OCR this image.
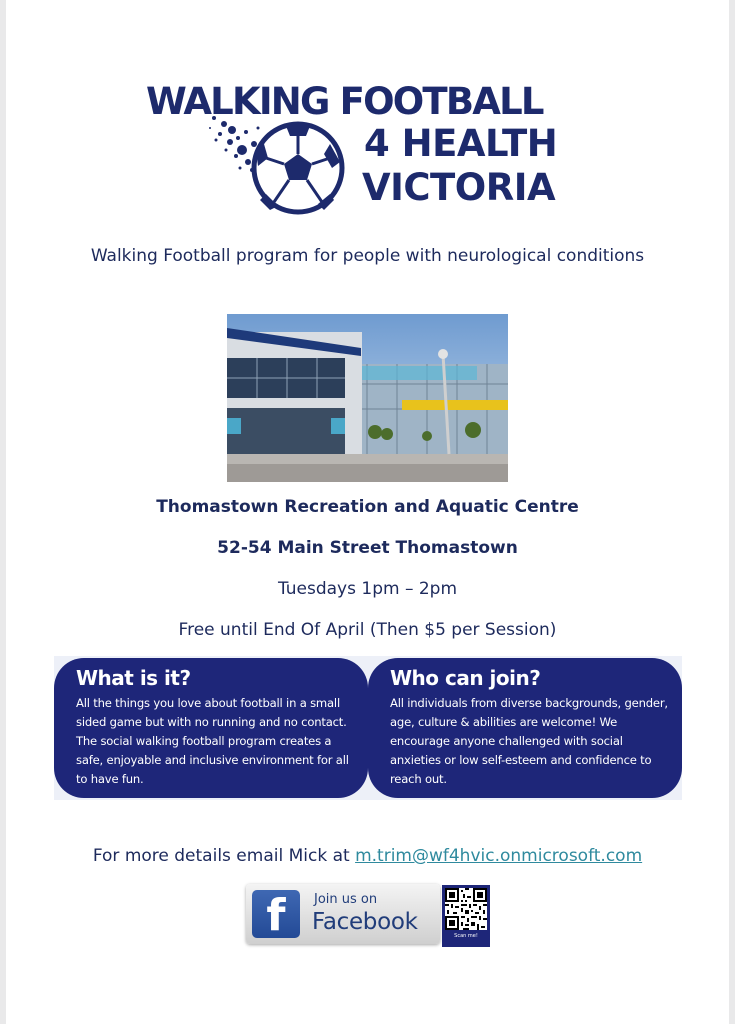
WALKING FOOTBALL
4 HEALTH
VICTORIA
Walking Football program for people with neurological conditions
Thomastown Recreation and Aquatic Centre
52-54 Main Street Thomastown
Tuesdays 1pm – 2pm
Free until End Of April (Then $5 per Session)
What is it?

All the things you love about football in a small sided game but with no running and no contact. The social walking football program creates a safe, enjoyable and inclusive environment for all to have fun.

Who can join?

All individuals from diverse backgrounds, gender, age, culture & abilities are welcome! We encourage anyone challenged with social anxieties or low self-esteem and confidence to reach out.

For more details email Mick at m.trim@wf4hvic.onmicrosoft.com
f	Join us on
Facebook
Scan me!
